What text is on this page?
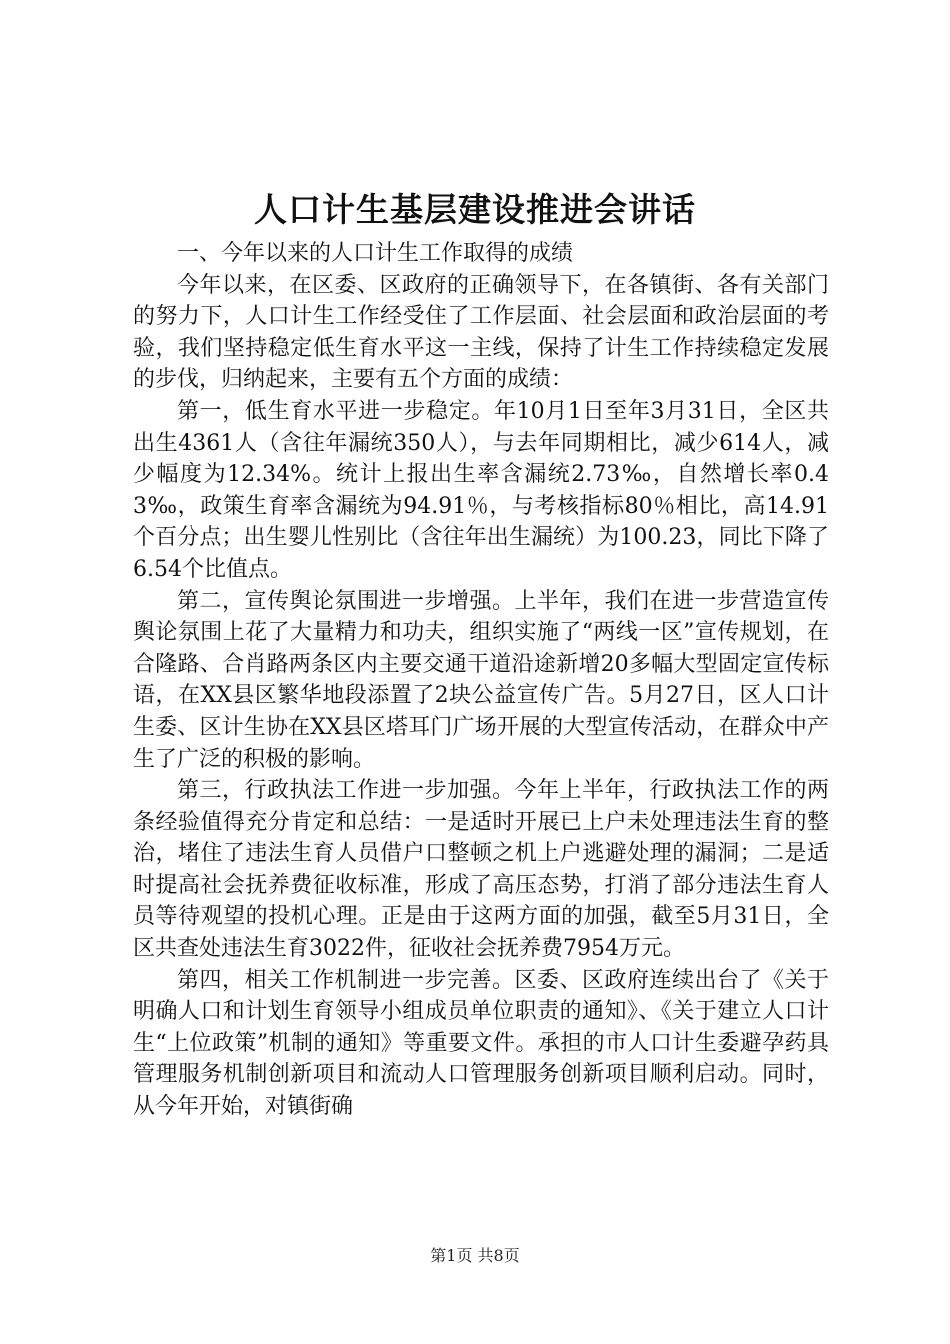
人口计生基层建设推进会讲话

一、今年以来的人口计生工作取得的成绩

今年以来，在区委、区政府的正确领导下，在各镇街、各有关部门的努力下，人口计生工作经受住了工作层面、社会层面和政治层面的考验，我们坚持稳定低生育水平这一主线，保持了计生工作持续稳定发展的步伐，归纳起来，主要有五个方面的成绩：

第一，低生育水平进一步稳定。年10月1日至年3月31日，全区共出生4361人（含往年漏统350人），与去年同期相比，减少614人，减少幅度为12.34%。统计上报出生率含漏统2.73‰，自然增长率0.43‰，政策生育率含漏统为94.91％，与考核指标80％相比，高14.91个百分点；出生婴儿性别比（含往年出生漏统）为100.23，同比下降了6.54个比值点。

第二，宣传舆论氛围进一步增强。上半年，我们在进一步营造宣传舆论氛围上花了大量精力和功夫，组织实施了“两线一区”宣传规划，在合隆路、合肖路两条区内主要交通干道沿途新增20多幅大型固定宣传标语，在XX县区繁华地段添置了2块公益宣传广告。5月27日，区人口计生委、区计生协在XX县区塔耳门广场开展的大型宣传活动，在群众中产生了广泛的积极的影响。

第三，行政执法工作进一步加强。今年上半年，行政执法工作的两条经验值得充分肯定和总结：一是适时开展已上户未处理违法生育的整治，堵住了违法生育人员借户口整顿之机上户逃避处理的漏洞；二是适时提高社会抚养费征收标准，形成了高压态势，打消了部分违法生育人员等待观望的投机心理。正是由于这两方面的加强，截至5月31日，全区共查处违法生育3022件，征收社会抚养费7954万元。

第四，相关工作机制进一步完善。区委、区政府连续出台了《关于明确人口和计划生育领导小组成员单位职责的通知》、《关于建立人口计生“上位政策”机制的通知》等重要文件。承担的市人口计生委避孕药具管理服务机制创新项目和流动人口管理服务创新项目顺利启动。同时，从今年开始，对镇街确

第1页 共8页
